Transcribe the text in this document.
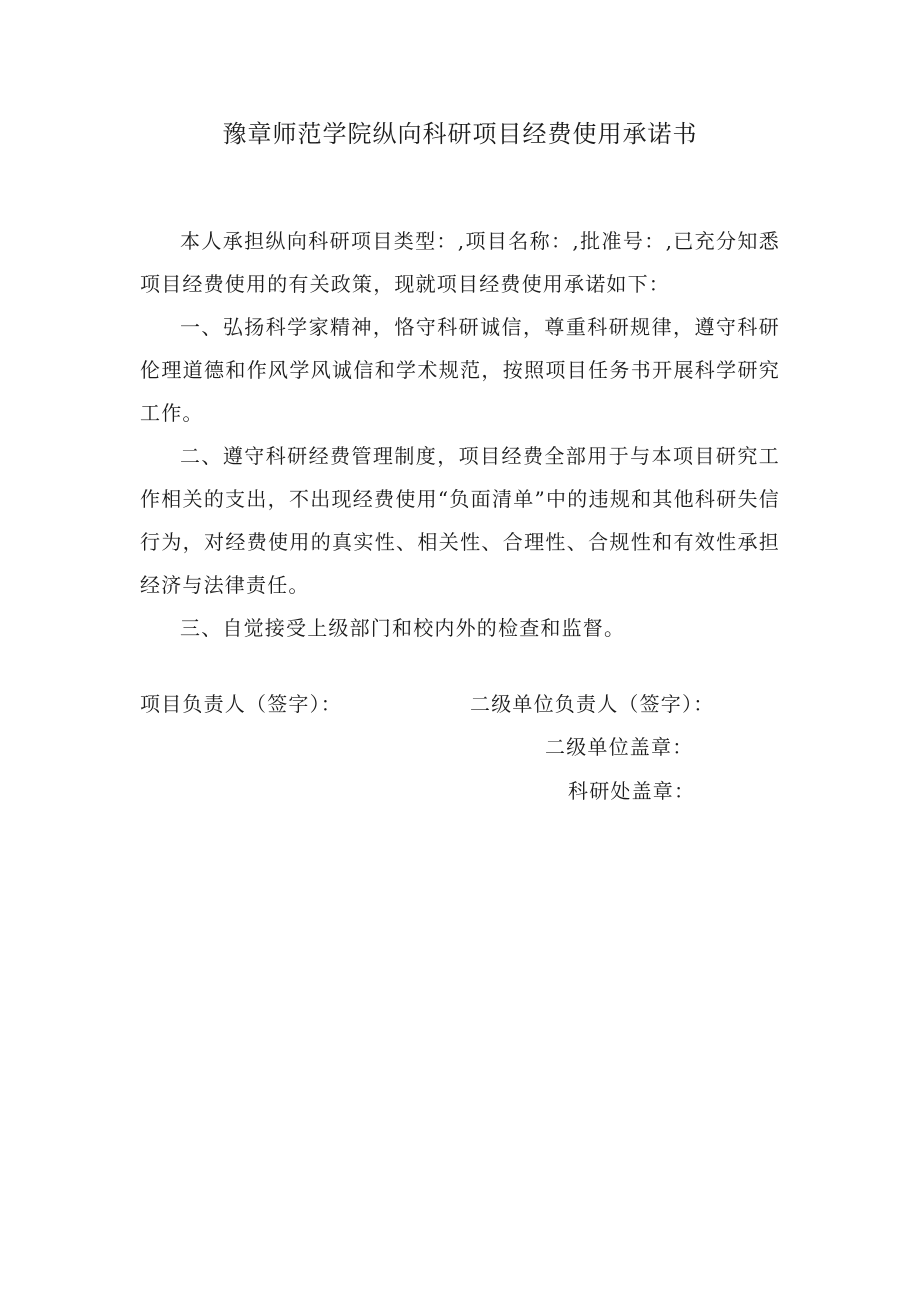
豫章师范学院纵向科研项目经费使用承诺书

本人承担纵向科研项目类型：,项目名称：,批准号：,已充分知悉项目经费使用的有关政策，现就项目经费使用承诺如下：

一、弘扬科学家精神，恪守科研诚信，尊重科研规律，遵守科研伦理道德和作风学风诚信和学术规范，按照项目任务书开展科学研究工作。

二、遵守科研经费管理制度，项目经费全部用于与本项目研究工作相关的支出，不出现经费使用“负面清单”中的违规和其他科研失信行为，对经费使用的真实性、相关性、合理性、合规性和有效性承担经济与法律责任。

三、自觉接受上级部门和校内外的检查和监督。

项目负责人（签字）：	二级单位负责人（签字）：
二级单位盖章：
科研处盖章：
